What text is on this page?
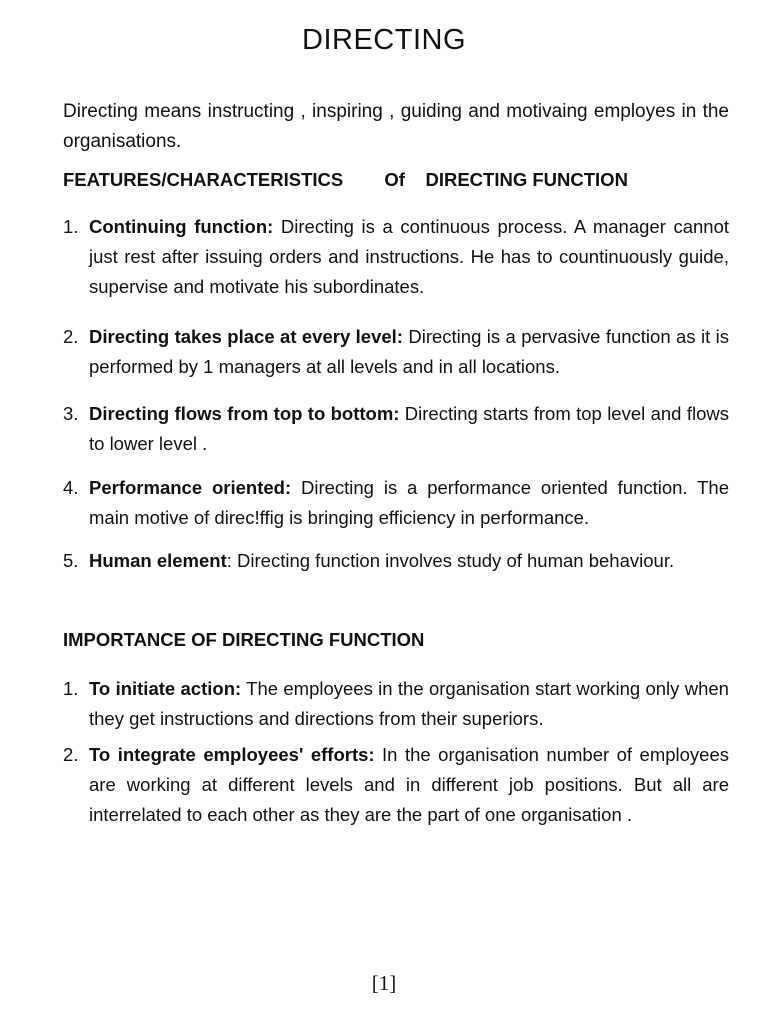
DIRECTING

Directing means instructing , inspiring , guiding and motivaing employes in the organisations.

FEATURES/CHARACTERISTICS        Of    DIRECTING FUNCTION
1. Continuing function: Directing is a continuous process. A manager cannot just rest after issuing orders and instructions. He has to countinuously guide, supervise and motivate his subordinates.
2. Directing takes place at every level: Directing is a pervasive function as it is performed by 1 managers at all levels and in all locations.
3. Directing flows from top to bottom: Directing starts from top level and flows to lower level .
4. Performance oriented: Directing is a performance oriented function. The main motive of direc!ffig is bringing efficiency in performance.
5. Human element: Directing function involves study of human behaviour.
IMPORTANCE OF DIRECTING FUNCTION
1. To initiate action: The employees in the organisation start working only when they get instructions and directions from their superiors.
2. To integrate employees' efforts: In the organisation number of employees are working at different levels and in different job positions. But all are interrelated to each other as they are the part of one organisation .
[1]
